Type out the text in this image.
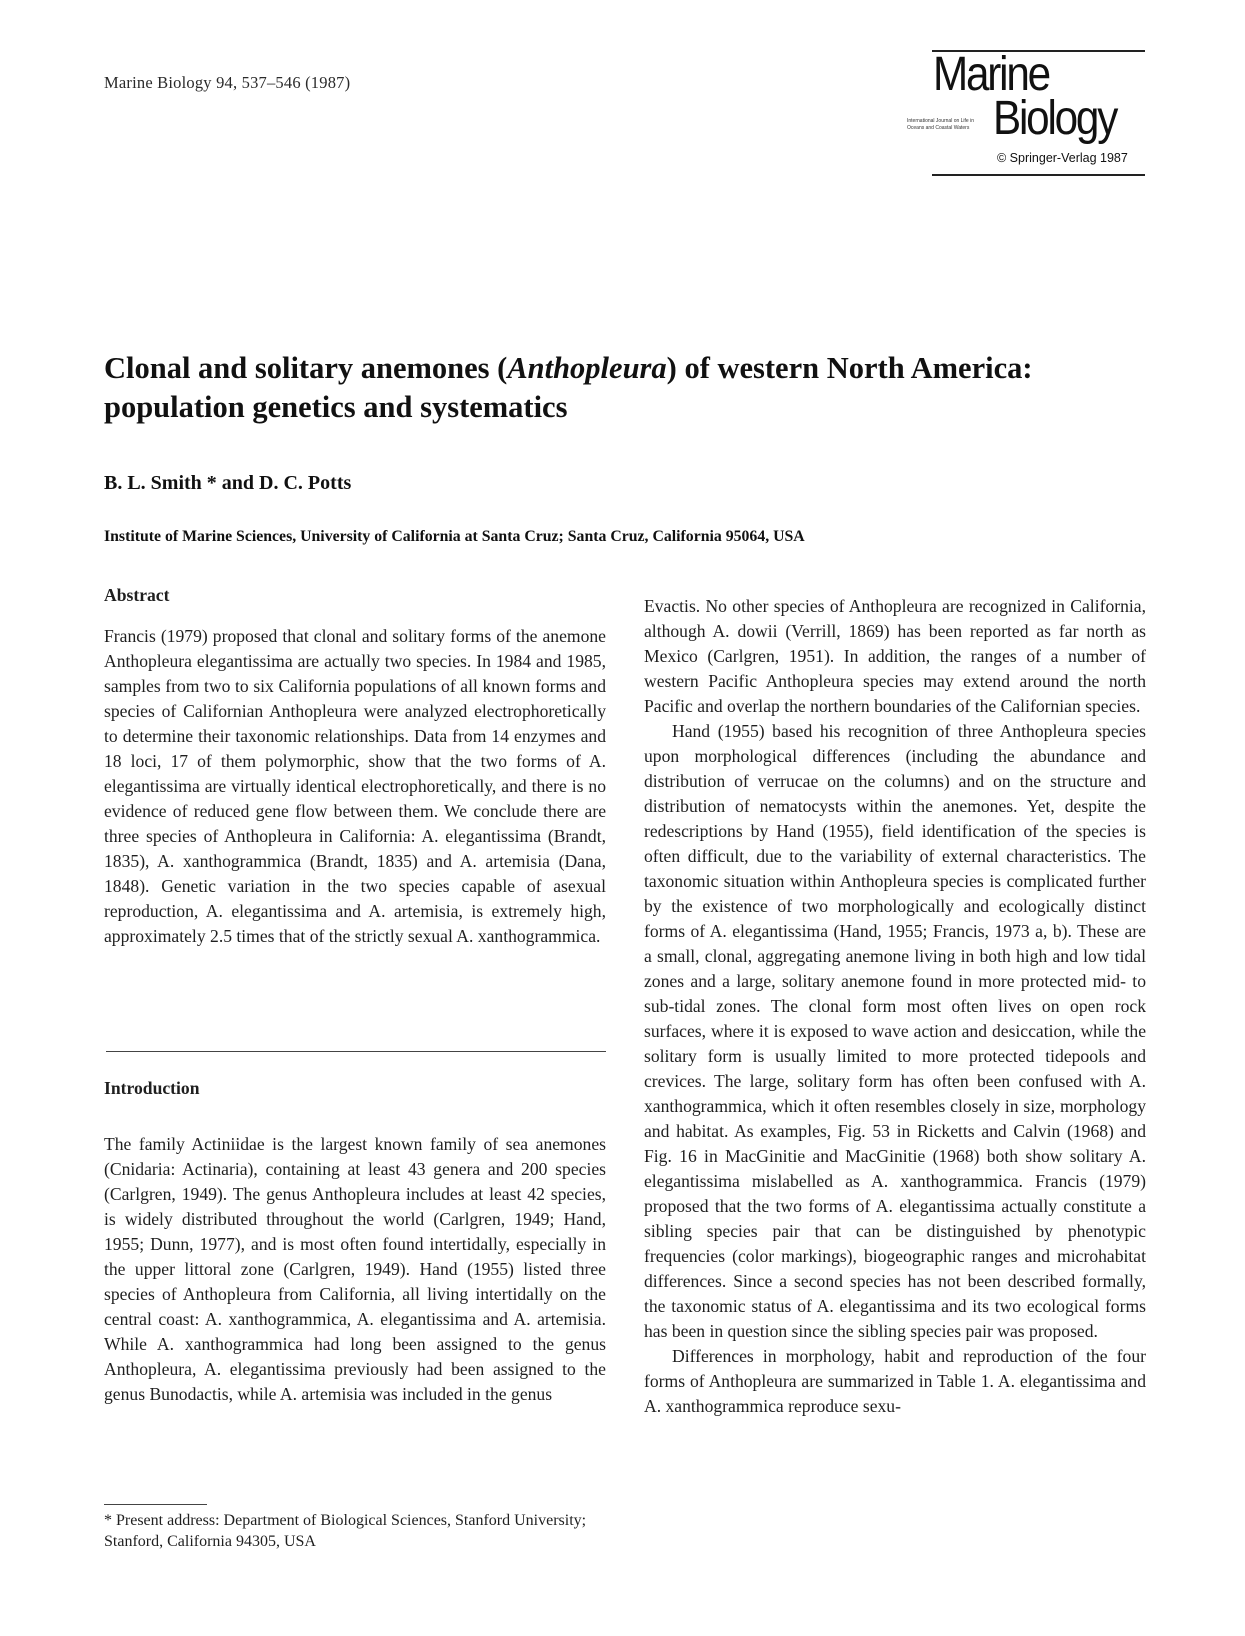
Marine Biology 94, 537–546 (1987)	Marine
International Journal on Life in Oceans and Coastal Waters Biology
© Springer-Verlag 1987
Clonal and solitary anemones (Anthopleura) of western North America: population genetics and systematics
B. L. Smith * and D. C. Potts
Institute of Marine Sciences, University of California at Santa Cruz; Santa Cruz, California 95064, USA
Abstract

Francis (1979) proposed that clonal and solitary forms of the anemone Anthopleura elegantissima are actually two species. In 1984 and 1985, samples from two to six California populations of all known forms and species of Californian Anthopleura were analyzed electrophoretically to determine their taxonomic relationships. Data from 14 enzymes and 18 loci, 17 of them polymorphic, show that the two forms of A. elegantissima are virtually identical electrophoretically, and there is no evidence of reduced gene flow between them. We conclude there are three species of Anthopleura in California: A. elegantissima (Brandt, 1835), A. xanthogrammica (Brandt, 1835) and A. artemisia (Dana, 1848). Genetic variation in the two species capable of asexual reproduction, A. elegantissima and A. artemisia, is extremely high, approximately 2.5 times that of the strictly sexual A. xanthogrammica.

Introduction

The family Actiniidae is the largest known family of sea anemones (Cnidaria: Actinaria), containing at least 43 genera and 200 species (Carlgren, 1949). The genus Anthopleura includes at least 42 species, is widely distributed throughout the world (Carlgren, 1949; Hand, 1955; Dunn, 1977), and is most often found intertidally, especially in the upper littoral zone (Carlgren, 1949). Hand (1955) listed three species of Anthopleura from California, all living intertidally on the central coast: A. xanthogrammica, A. elegantissima and A. artemisia. While A. xanthogrammica had long been assigned to the genus Anthopleura, A. elegantissima previously had been assigned to the genus Bunodactis, while A. artemisia was included in the genus

* Present address: Department of Biological Sciences, Stanford University; Stanford, California 94305, USA

Evactis. No other species of Anthopleura are recognized in California, although A. dowii (Verrill, 1869) has been reported as far north as Mexico (Carlgren, 1951). In addition, the ranges of a number of western Pacific Anthopleura species may extend around the north Pacific and overlap the northern boundaries of the Californian species.

Hand (1955) based his recognition of three Anthopleura species upon morphological differences (including the abundance and distribution of verrucae on the columns) and on the structure and distribution of nematocysts within the anemones. Yet, despite the redescriptions by Hand (1955), field identification of the species is often difficult, due to the variability of external characteristics. The taxonomic situation within Anthopleura species is complicated further by the existence of two morphologically and ecologically distinct forms of A. elegantissima (Hand, 1955; Francis, 1973 a, b). These are a small, clonal, aggregating anemone living in both high and low tidal zones and a large, solitary anemone found in more protected mid- to sub-tidal zones. The clonal form most often lives on open rock surfaces, where it is exposed to wave action and desiccation, while the solitary form is usually limited to more protected tidepools and crevices. The large, solitary form has often been confused with A. xanthogrammica, which it often resembles closely in size, morphology and habitat. As examples, Fig. 53 in Ricketts and Calvin (1968) and Fig. 16 in MacGinitie and MacGinitie (1968) both show solitary A. elegantissima mislabelled as A. xanthogrammica. Francis (1979) proposed that the two forms of A. elegantissima actually constitute a sibling species pair that can be distinguished by phenotypic frequencies (color markings), biogeographic ranges and microhabitat differences. Since a second species has not been described formally, the taxonomic status of A. elegantissima and its two ecological forms has been in question since the sibling species pair was proposed.

Differences in morphology, habit and reproduction of the four forms of Anthopleura are summarized in Table 1. A. elegantissima and A. xanthogrammica reproduce sexu-
